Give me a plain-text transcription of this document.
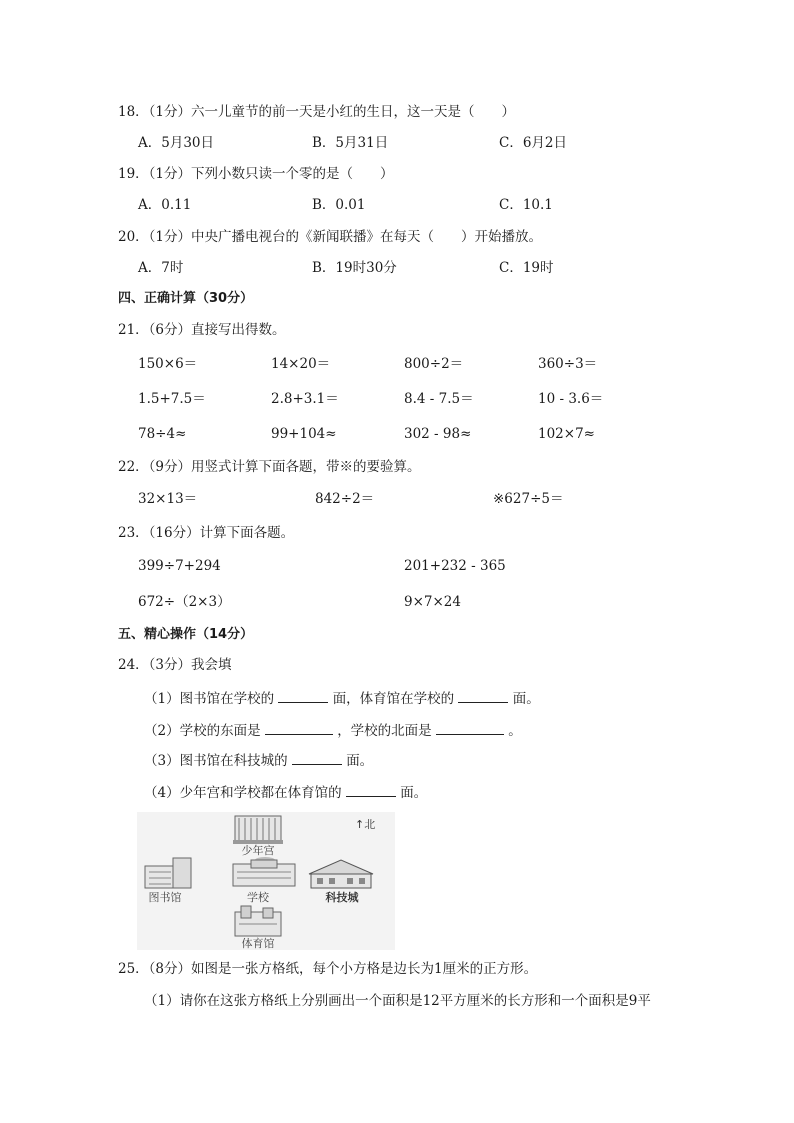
18．（1分）六一儿童节的前一天是小红的生日，这一天是（　　）
A．5月30日	B．5月31日	C．6月2日
19．（1分）下列小数只读一个零的是（　　）
A．0.11	B．0.01	C．10.1
20．（1分）中央广播电视台的《新闻联播》在每天（　　）开始播放。
A．7时	B．19时30分	C．19时
四、正确计算（30分）
21．（6分）直接写出得数。
150×6＝	14×20＝	800÷2＝	360÷3＝
1.5+7.5＝	2.8+3.1＝	8.4 - 7.5＝	10 - 3.6＝
78÷4≈	99+104≈	302 - 98≈	102×7≈
22．（9分）用竖式计算下面各题，带※的要验算。
32×13＝	842÷2＝	※627÷5＝
23．（16分）计算下面各题。
399÷7+294	201+232 - 365
672÷（2×3）	9×7×24
五、精心操作（14分）
24．（3分）我会填
（1）图书馆在学校的	面，体育馆在学校的	面。
（2）学校的东面是	，学校的北面是	。
（3）图书馆在科技城的	面。
（4）少年宫和学校都在体育馆的	面。
少年宫
↑北
图书馆	学校	科技城
体育馆
25．（8分）如图是一张方格纸，每个小方格是边长为1厘米的正方形。
（1）请你在这张方格纸上分别画出一个面积是12平方厘米的长方形和一个面积是9平
